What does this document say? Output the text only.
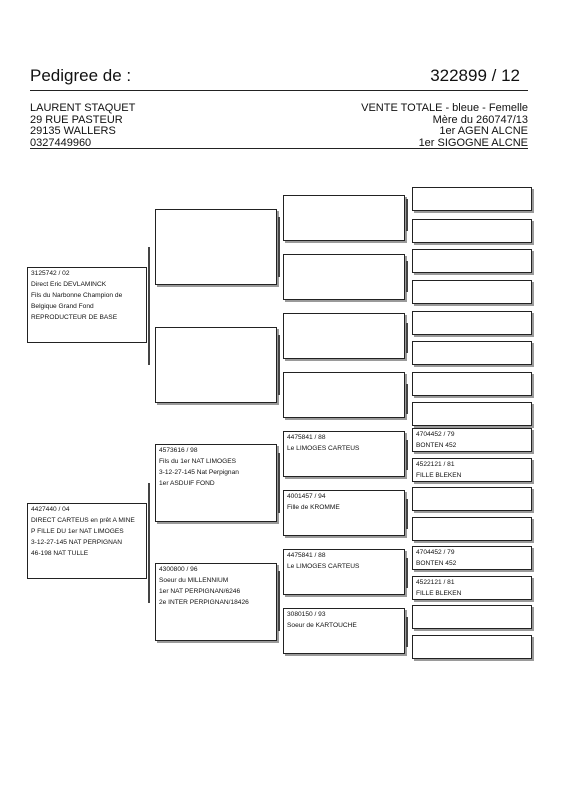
Pedigree de :	322899 / 12
LAURENT STAQUET
29 RUE PASTEUR
29135 WALLERS
0327449960
VENTE TOTALE - bleue - Femelle
Mère du 260747/13
1er AGEN ALCNE
1er SIGOGNE ALCNE
3125742 / 02
Direct Eric DEVLAMINCK
Fils du Narbonne Champion de
Belgique Grand Fond
REPRODUCTEUR DE BASE
4427440 / 04
DIRECT CARTEUS en prêt A MINE
P FILLE DU 1er NAT LIMOGES
3-12-27-145 NAT PERPIGNAN
46-198 NAT TULLE
4573616 / 98
Fils du 1er NAT LIMOGES
3-12-27-145 Nat Perpignan
1er ASDUIF FOND
4300800 / 96
Soeur du MILLENNIUM
1er NAT PERPIGNAN/6246
2e INTER PERPIGNAN/18426
4475841 / 88
Le LIMOGES CARTEUS
4001457 / 94
Fille de KROMME
4475841 / 88
Le LIMOGES CARTEUS
3080150 / 93
Soeur de KARTOUCHE
4704452 / 79
BONTEN 452
4522121 / 81
FILLE BLEKEN
4704452 / 79
BONTEN 452
4522121 / 81
FILLE BLEKEN
